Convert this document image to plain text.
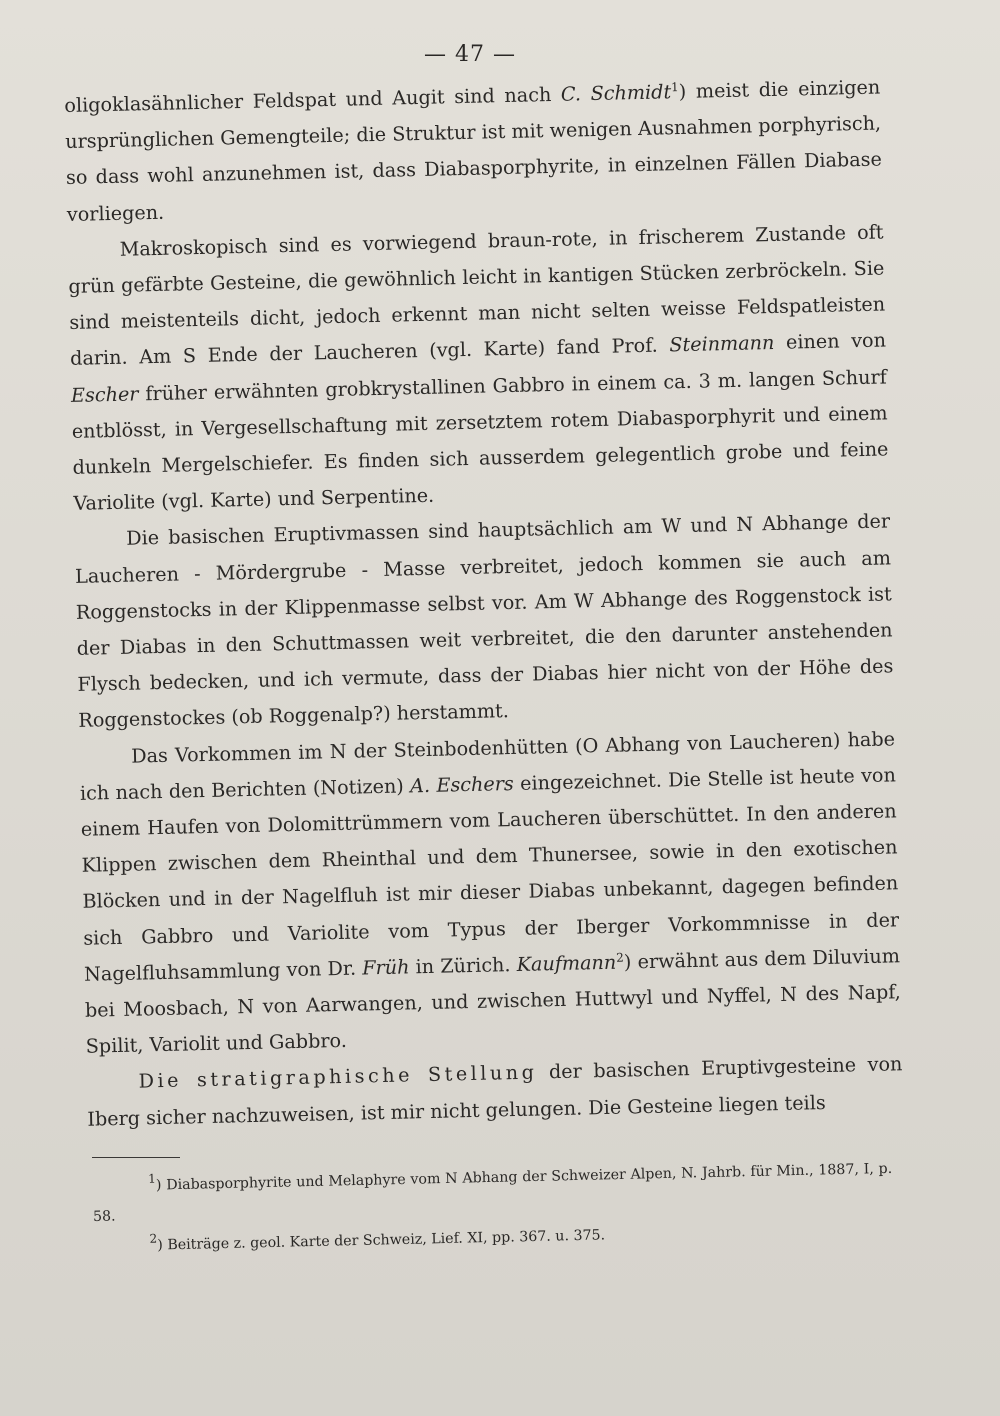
— 47 —

oligoklasähnlicher Feldspat und Augit sind nach C. Schmidt$^1$) meist die einzigen ursprünglichen Gemengteile; die Struktur ist mit wenigen Ausnahmen porphyrisch, so dass wohl anzunehmen ist, dass Diabasporphyrite, in einzelnen Fällen Diabase vorliegen.

Makroskopisch sind es vorwiegend braun-rote, in frischerem Zustande oft grün gefärbte Gesteine, die gewöhnlich leicht in kantigen Stücken zerbröckeln. Sie sind meistenteils dicht, jedoch erkennt man nicht selten weisse Feldspatleisten darin. Am S Ende der Laucheren (vgl. Karte) fand Prof. Steinmann einen von Escher früher erwähnten grobkrystallinen Gabbro in einem ca. 3 m. langen Schurf entblösst, in Vergesellschaftung mit zersetztem rotem Diabasporphyrit und einem dunkeln Mergelschiefer. Es finden sich ausserdem gelegentlich grobe und feine Variolite (vgl. Karte) und Serpentine.

Die basischen Eruptivmassen sind hauptsächlich am W und N Abhange der Laucheren - Mördergrube - Masse verbreitet, jedoch kommen sie auch am Roggenstocks in der Klippenmasse selbst vor. Am W Abhange des Roggenstock ist der Diabas in den Schuttmassen weit verbreitet, die den darunter anstehenden Flysch bedecken, und ich vermute, dass der Diabas hier nicht von der Höhe des Roggenstockes (ob Roggenalp?) herstammt.

Das Vorkommen im N der Steinbodenhütten (O Abhang von Laucheren) habe ich nach den Berichten (Notizen) A. Eschers eingezeichnet. Die Stelle ist heute von einem Haufen von Dolomittrümmern vom Laucheren überschüttet. In den anderen Klippen zwischen dem Rheinthal und dem Thunersee, sowie in den exotischen Blöcken und in der Nagelfluh ist mir dieser Diabas unbekannt, dagegen befinden sich Gabbro und Variolite vom Typus der Iberger Vorkommnisse in der Nagelfluhsammlung von Dr. Früh in Zürich. Kaufmann$^2$) erwähnt aus dem Diluvium bei Moosbach, N von Aarwangen, und zwischen Huttwyl und Nyffel, N des Napf, Spilit, Variolit und Gabbro.

Die stratigraphische Stellung der basischen Eruptivgesteine von Iberg sicher nachzuweisen, ist mir nicht gelungen. Die Gesteine liegen teils

$^1$) Diabasporphyrite und Melaphyre vom N Abhang der Schweizer Alpen, N. Jahrb. für Min., 1887, I, p. 58.

$^2$) Beiträge z. geol. Karte der Schweiz, Lief. XI, pp. 367. u. 375.
